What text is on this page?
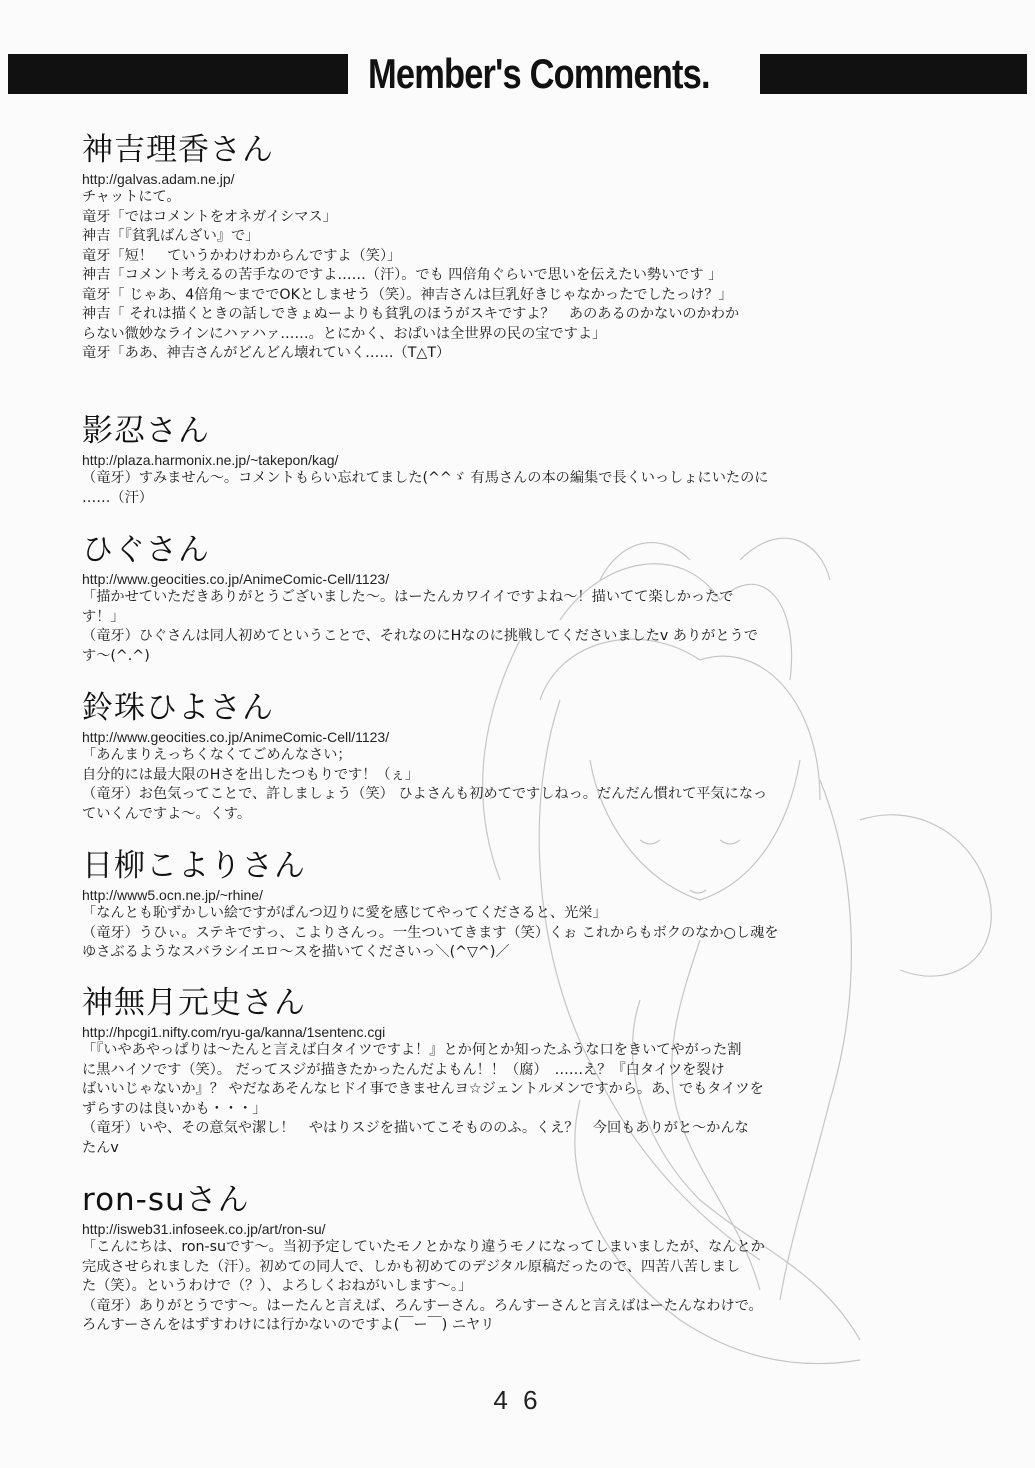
Member's Comments.
神吉理香さん
http://galvas.adam.ne.jp/
チャットにて。
竜牙「ではコメントをオネガイシマス」
神吉「『貧乳ばんざい』で」
竜牙「短！　ていうかわけわからんですよ（笑）」
神吉「コメント考えるの苦手なのですよ……（汗）。でも 四倍角ぐらいで思いを伝えたい勢いです 」
竜牙「 じゃあ、4倍角～まででOKとしませう（笑）。神吉さんは巨乳好きじゃなかったでしたっけ？」
神吉「 それは描くときの話しできょぬーよりも貧乳のほうがスキですよ？　あのあるのかないのかわか
らない微妙なラインにハァハァ……。とにかく、おぱいは全世界の民の宝ですよ」
竜牙「ああ、神吉さんがどんどん壊れていく……（T△T）
影忍さん
http://plaza.harmonix.ne.jp/~takepon/kag/
（竜牙）すみません～。コメントもらい忘れてました(^^ゞ 有馬さんの本の編集で長くいっしょにいたのに
……（汗）
ひぐさん
http://www.geocities.co.jp/AnimeComic-Cell/1123/
「描かせていただきありがとうございました～。はーたんカワイイですよね～！描いてて楽しかったで
す！」
（竜牙）ひぐさんは同人初めてということで、それなのにHなのに挑戦してくださいましたv ありがとうで
す～(^.^)
鈴珠ひよさん
http://www.geocities.co.jp/AnimeComic-Cell/1123/
「あんまりえっちくなくてごめんなさい；
自分的には最大限のHさを出したつもりです！（ぇ」
（竜牙）お色気ってことで、許しましょう（笑） ひよさんも初めてですしねっ。だんだん慣れて平気になっ
ていくんですよ～。くす。
日柳こよりさん
http://www5.ocn.ne.jp/~rhine/
「なんとも恥ずかしい絵ですがぱんつ辺りに愛を感じてやってくださると、光栄」
（竜牙）うひぃ。ステキですっ、こよりさんっ。一生ついてきます（笑）くぉ これからもボクのなか○し魂を
ゆさぶるようなスバラシイエロ～スを描いてくださいっ＼(^▽^)／
神無月元史さん
http://hpcgi1.nifty.com/ryu-ga/kanna/1sentenc.cgi
「『いやあやっぱりは～たんと言えば白タイツですよ！』とか何とか知ったふうな口をきいてやがった割
に黒ハイソです（笑）。 だってスジが描きたかったんだよもん！！（腐）　……え？『白タイツを裂け
ばいいじゃないか』？ やだなあそんなヒドイ事できませんヨ☆ジェントルメンですから。あ、でもタイツを
ずらすのは良いかも・・・」
（竜牙）いや、その意気や潔し！　やはりスジを描いてこそもののふ。くえ？　今回もありがと～かんな
たんv
ron-suさん
http://isweb31.infoseek.co.jp/art/ron-su/
「こんにちは、ron-suです～。当初予定していたモノとかなり違うモノになってしまいましたが、なんとか
完成させられました（汗）。初めての同人で、しかも初めてのデジタル原稿だったので、四苦八苦しまし
た（笑）。というわけで（？）、よろしくおねがいします～。」
（竜牙）ありがとうです～。はーたんと言えば、ろんすーさん。ろんすーさんと言えばはーたんなわけで。
ろんすーさんをはずすわけには行かないのですよ(￣ー￣) ニヤリ
4 6
